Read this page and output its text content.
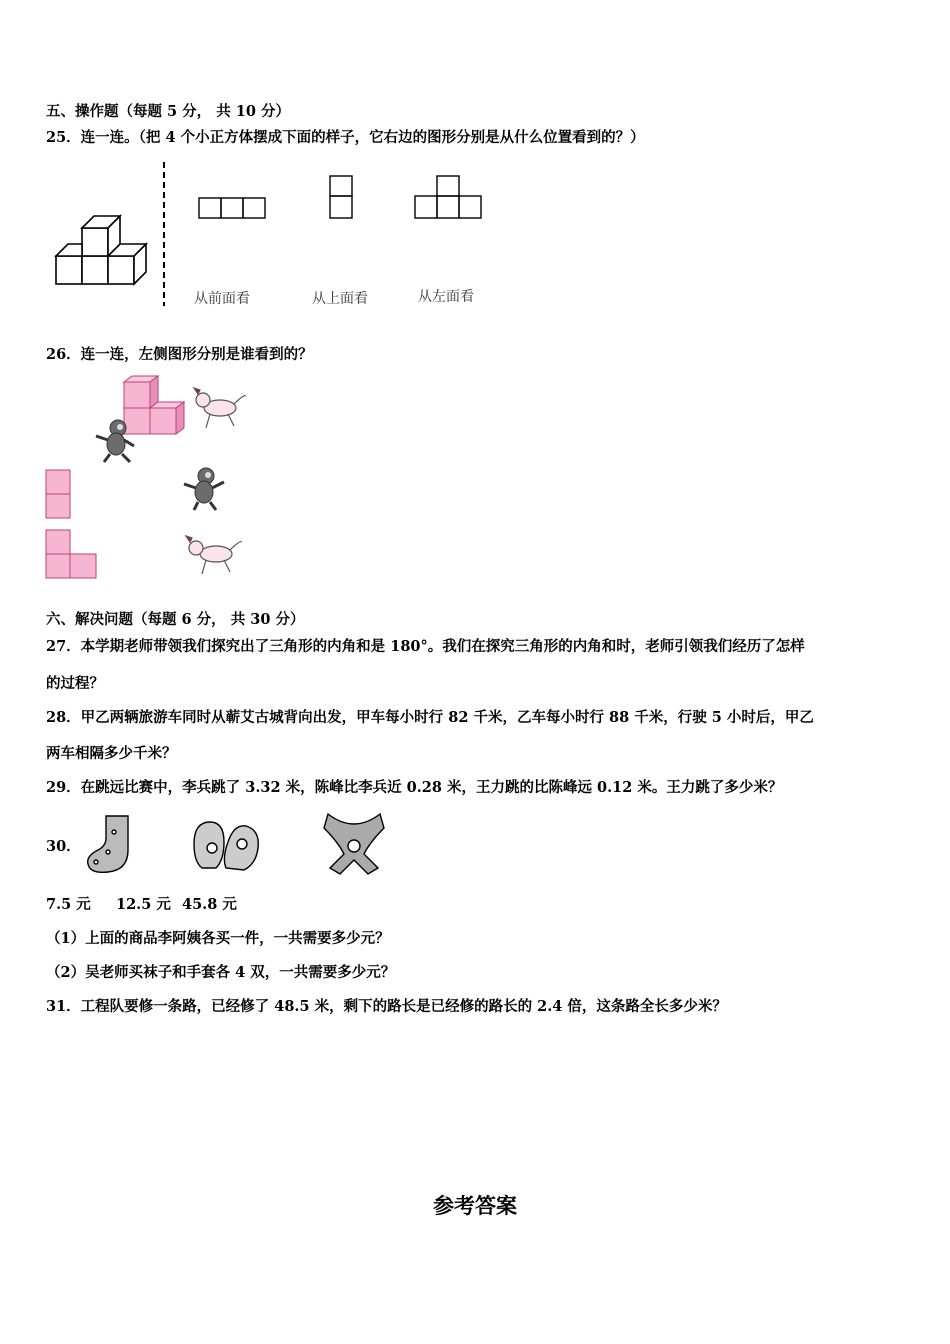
五、操作题（每题 5 分， 共 10 分）
25．连一连。（把 4 个小正方体摆成下面的样子，它右边的图形分别是从什么位置看到的？）
从前面看	从上面看	从左面看
26．连一连，左侧图形分别是谁看到的？
六、解决问题（每题 6 分， 共 30 分）
27．本学期老师带领我们探究出了三角形的内角和是 180°。我们在探究三角形的内角和时，老师引领我们经历了怎样
的过程？
28．甲乙两辆旅游车同时从蕲艾古城背向出发，甲车每小时行 82 千米，乙车每小时行 88 千米，行驶 5 小时后，甲乙
两车相隔多少千米？
29．在跳远比赛中，李兵跳了 3.32 米，陈峰比李兵近 0.28 米，王力跳的比陈峰远 0.12 米。王力跳了多少米？
30．
7.5 元 12.5 元 45.8 元
（1）上面的商品李阿姨各买一件，一共需要多少元？
（2）吴老师买袜子和手套各 4 双，一共需要多少元？
31．工程队要修一条路，已经修了 48.5 米，剩下的路长是已经修的路长的 2.4 倍，这条路全长多少米？
参考答案
